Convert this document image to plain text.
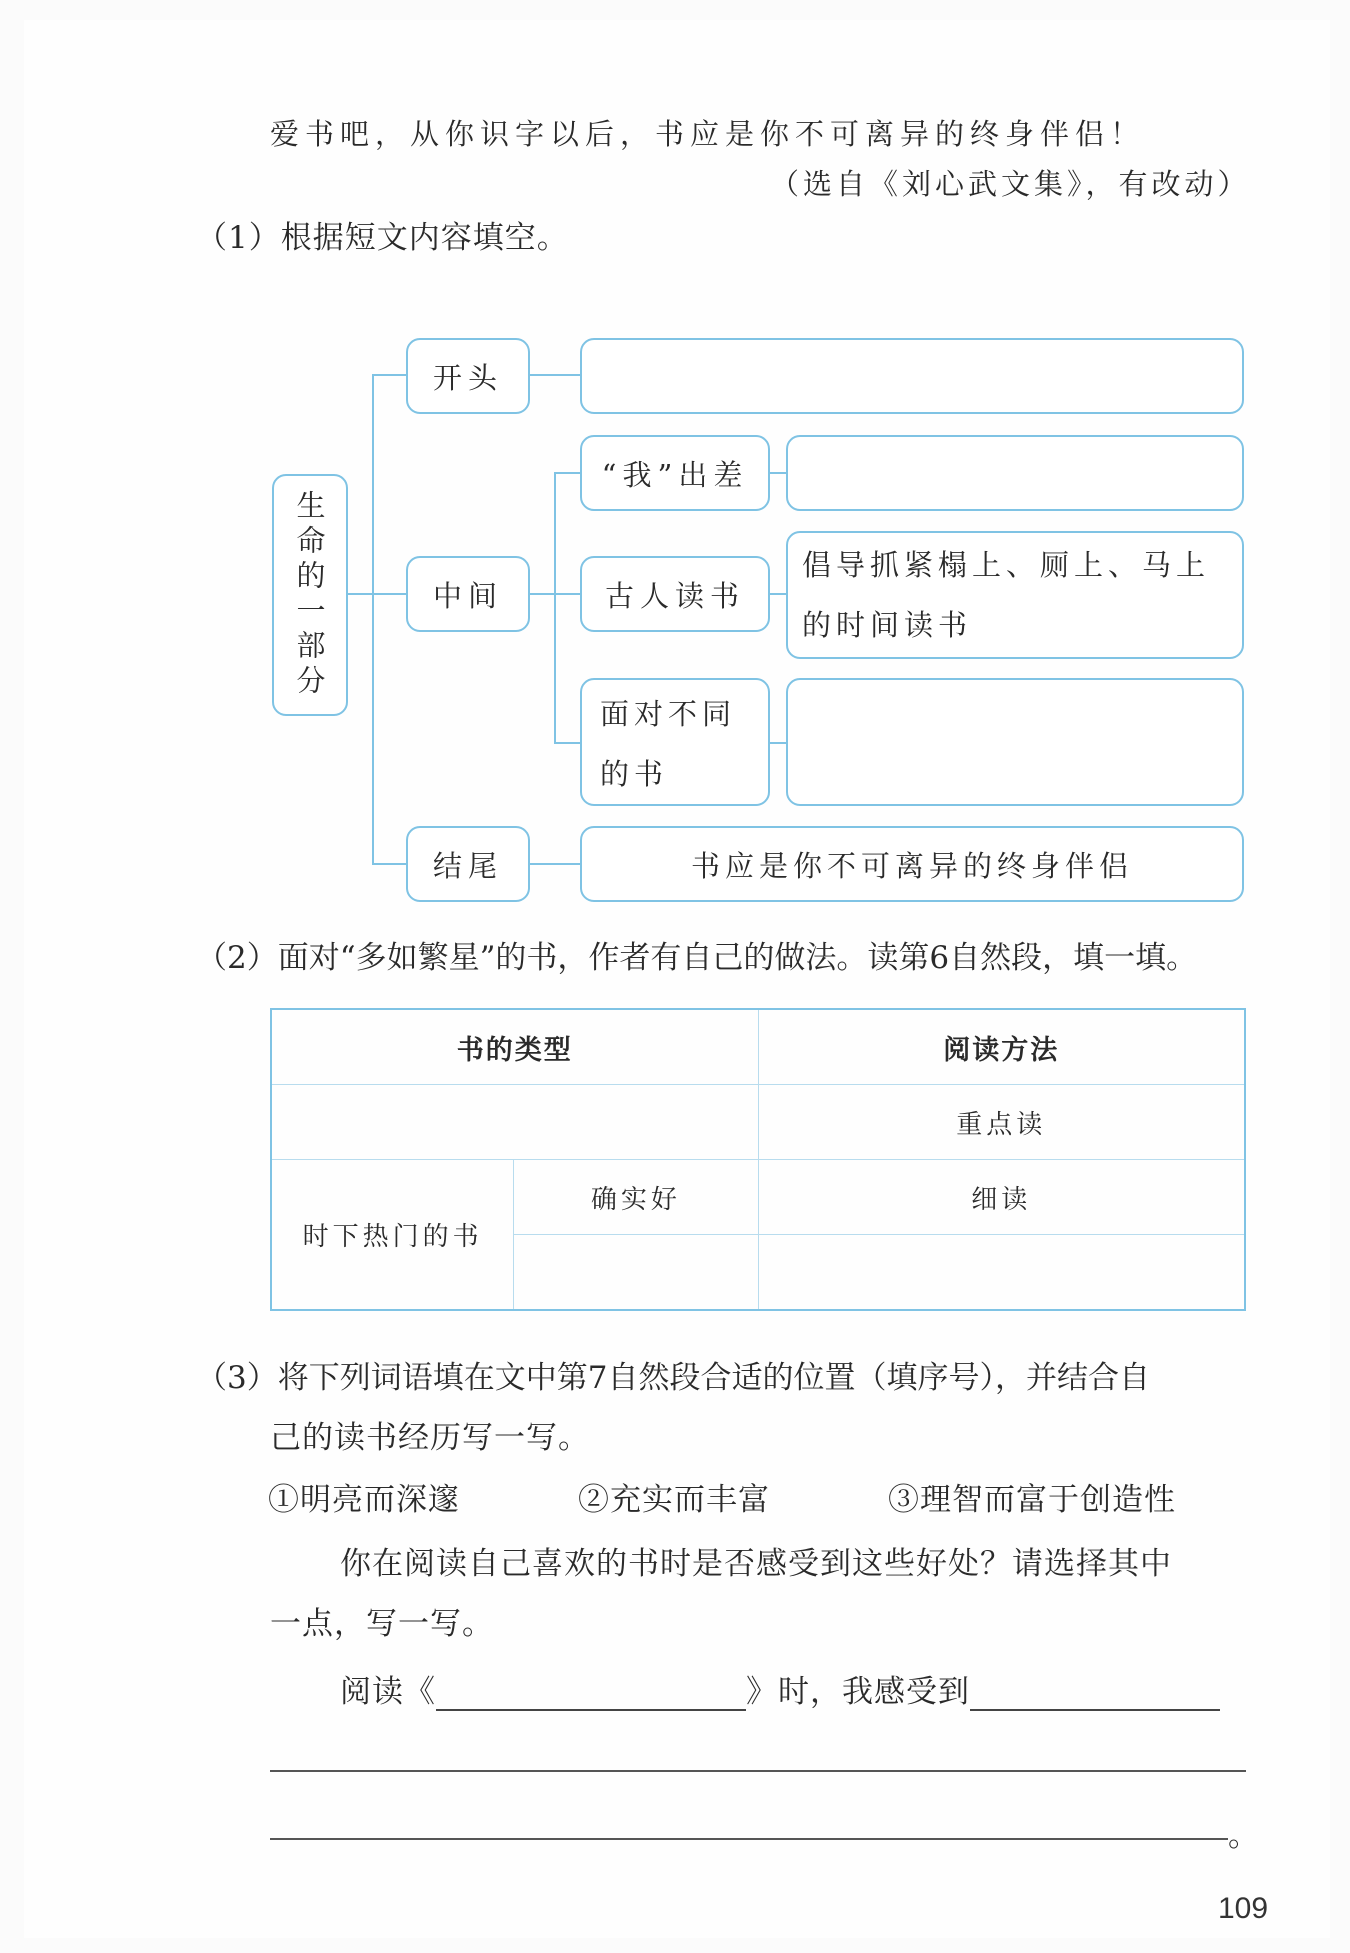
爱书吧，从你识字以后，书应是你不可离异的终身伴侣！
（选自《刘心武文集》，有改动）
（1）根据短文内容填空。
生命的一部分
开头
中间
“我”出差
古人读书
倡导抓紧榻上、厕上、马上的时间读书
面对不同的书
结尾	书应是你不可离异的终身伴侣
（2）面对“多如繁星”的书，作者有自己的做法。读第6自然段，填一填。
书的类型		阅读方法
		重点读
时下热门的书	确实好	细读

（3）将下列词语填在文中第7自然段合适的位置（填序号），并结合自
己的读书经历写一写。
①明亮而深邃	②充实而丰富	③理智而富于创造性
你在阅读自己喜欢的书时是否感受到这些好处？请选择其中
一点，写一写。
阅读《	》时，我感受到
。
109
